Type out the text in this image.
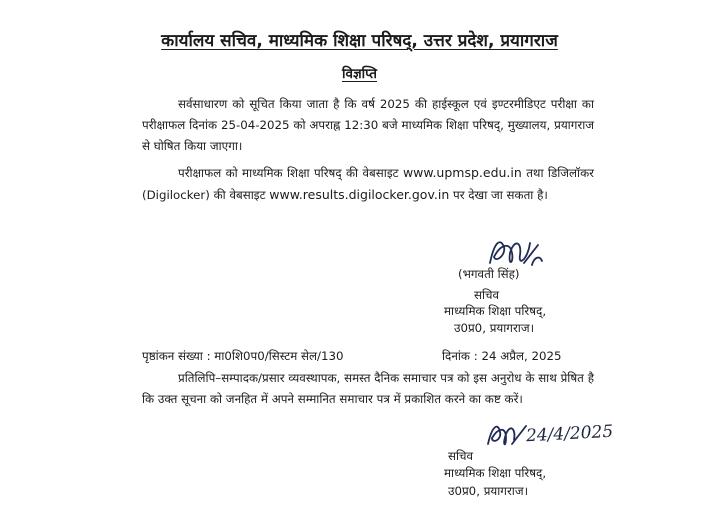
कार्यालय सचिव, माध्यमिक शिक्षा परिषद्, उत्तर प्रदेश, प्रयागराज
विज्ञप्ति

सर्वसाधारण को सूचित किया जाता है कि वर्ष 2025 की हाईस्कूल एवं इण्टरमीडिएट परीक्षा का परीक्षाफल दिनांक 25-04-2025 को अपराह्न 12:30 बजे माध्यमिक शिक्षा परिषद्, मुख्यालय, प्रयागराज से घोषित किया जाएगा।

परीक्षाफल को माध्यमिक शिक्षा परिषद् की वेबसाइट www.upmsp.edu.in तथा डिजिलॉकर (Digilocker) की वेबसाइट www.results.digilocker.gov.in पर देखा जा सकता है।

(भगवती सिंह)
सचिव
माध्यमिक शिक्षा परिषद्,
उ0प्र0, प्रयागराज।
पृष्ठांकन संख्या : मा0शि0प0/सिस्टम सेल/130	दिनांक : 24 अप्रैल, 2025

प्रतिलिपि–सम्पादक/प्रसार व्यवस्थापक, समस्त दैनिक समाचार पत्र को इस अनुरोध के साथ प्रेषित है कि उक्त सूचना को जनहित में अपने सम्मानित समाचार पत्र में प्रकाशित करने का कष्ट करें।

24/4/2025
सचिव
माध्यमिक शिक्षा परिषद्,
उ0प्र0, प्रयागराज।
